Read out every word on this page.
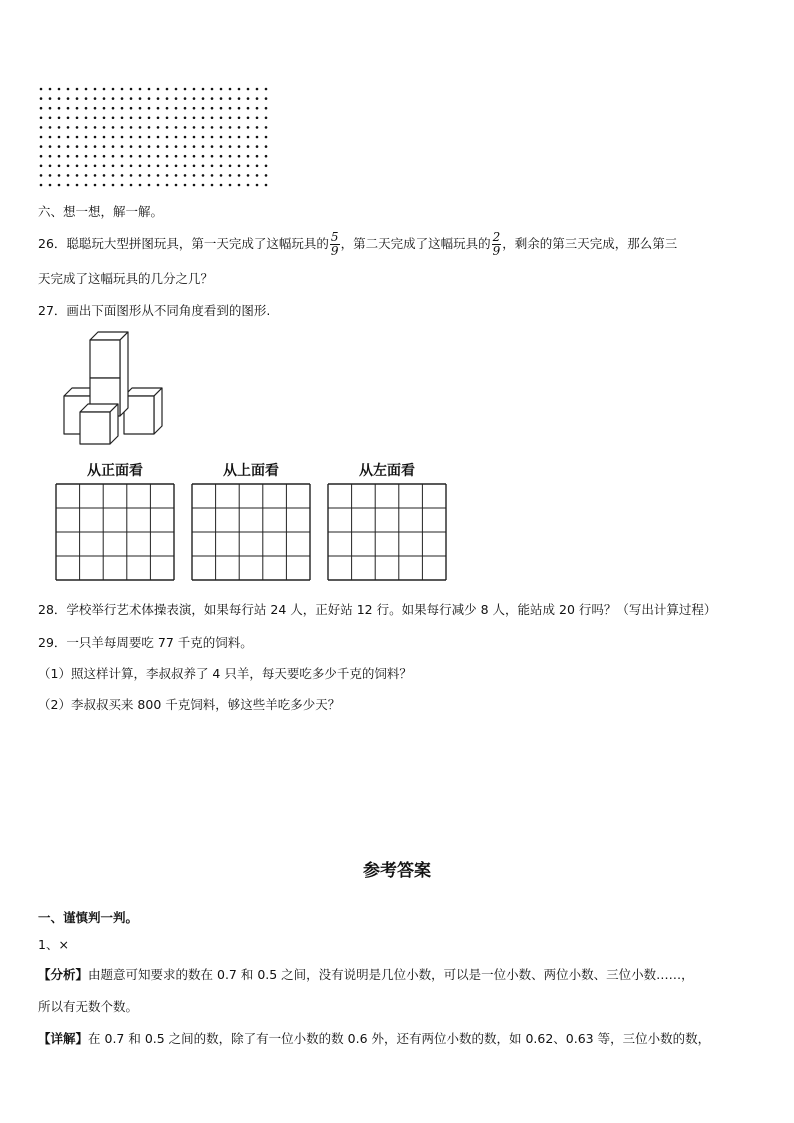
六、想一想，解一解。
26．聪聪玩大型拼图玩具，第一天完成了这幅玩具的 $\frac{5}{9}$ ，第二天完成了这幅玩具的 $\frac{2}{9}$ ，剩余的第三天完成，那么第三
天完成了这幅玩具的几分之几？
27．画出下面图形从不同角度看到的图形.
从正面看	从上面看	从左面看
28．学校举行艺术体操表演，如果每行站 24 人，正好站 12 行。如果每行减少 8 人，能站成 20 行吗？（写出计算过程）
29．一只羊每周要吃 77 千克的饲料。
（1）照这样计算，李叔叔养了 4 只羊，每天要吃多少千克的饲料？
（2）李叔叔买来 800 千克饲料，够这些羊吃多少天？
参考答案
一、谨慎判一判。
1、×
【分析】由题意可知要求的数在 0.7 和 0.5 之间，没有说明是几位小数，可以是一位小数、两位小数、三位小数……，
所以有无数个数。
【详解】在 0.7 和 0.5 之间的数，除了有一位小数的数 0.6 外，还有两位小数的数，如 0.62、0.63 等，三位小数的数，
